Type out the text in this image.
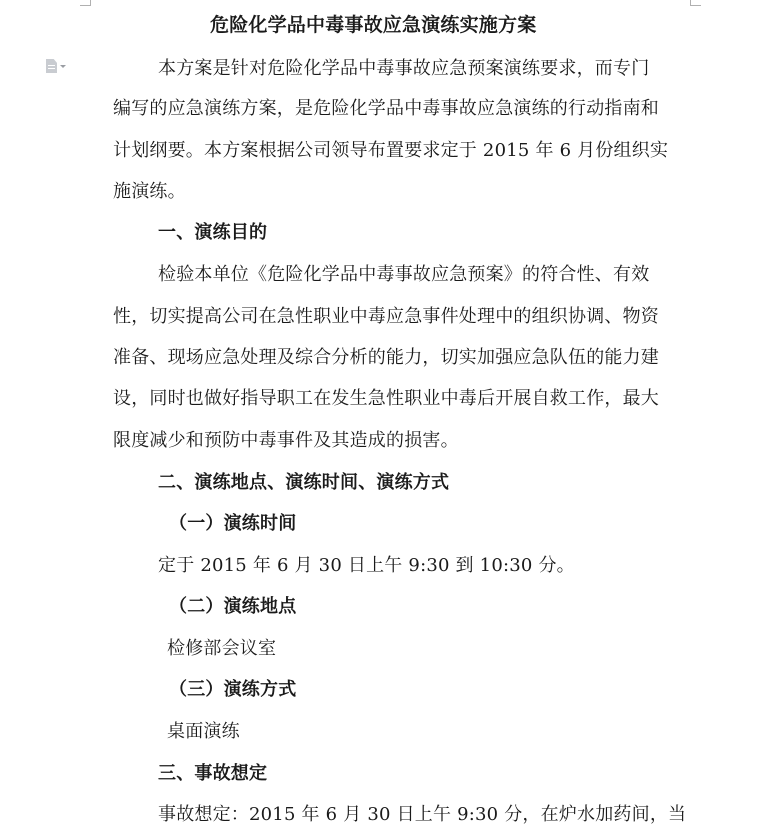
危险化学品中毒事故应急演练实施方案
本方案是针对危险化学品中毒事故应急预案演练要求，而专门
编写的应急演练方案，是危险化学品中毒事故应急演练的行动指南和
计划纲要。本方案根据公司领导布置要求定于 2015 年 6 月份组织实
施演练。
一、演练目的
检验本单位《危险化学品中毒事故应急预案》的符合性、有效
性，切实提高公司在急性职业中毒应急事件处理中的组织协调、物资
准备、现场应急处理及综合分析的能力，切实加强应急队伍的能力建
设，同时也做好指导职工在发生急性职业中毒后开展自救工作，最大
限度减少和预防中毒事件及其造成的损害。
二、演练地点、演练时间、演练方式
（一）演练时间
定于 2015 年 6 月 30 日上午 9:30 到 10:30 分。
（二）演练地点
检修部会议室
（三）演练方式
桌面演练
三、事故想定
事故想定：2015 年 6 月 30 日上午 9:30 分，在炉水加药间，当
